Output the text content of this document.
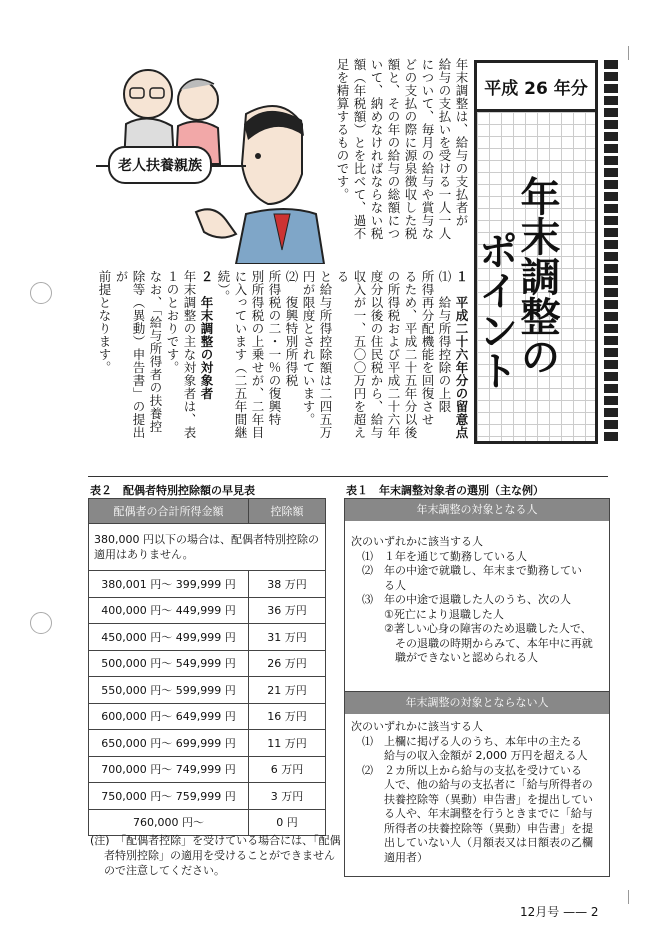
老人扶養親族
平成 26 年分
年末調整の
ポイント
年末調整は、給与の支払者が
給与の支払いを受ける一人一人
について、毎月の給与や賞与な
どの支払の際に源泉徴収した税
額と、その年の給与の総額につ
いて、納めなければならない税
額（年税額）とを比べて、過不
足を精算するものです。
１　平成二十六年分の留意点
⑴　給与所得控除の上限
所得再分配機能を回復させ
るため、平成二十五年分以後
の所得税および平成二十六年
度分以後の住民税から、給与
収入が一、五〇〇万円を超える
と給与所得控除額は二四五万
円が限度とされています。
⑵　復興特別所得税
所得税の二・一％の復興特
別所得税の上乗せが、二年目
に入っています（二五年間継
続）。
２　年末調整の対象者
年末調整の主な対象者は、表
１のとおりです。
なお、「給与所得者の扶養控
除等（異動）申告書」の提出が
前提となります。
表２　配偶者特別控除額の早見表
配偶者の合計所得金額	控除額
380,000 円以下の場合は、配偶者特別控除の適用はありません。	
380,001 円〜 399,999 円	38 万円
400,000 円〜 449,999 円	36 万円
450,000 円〜 499,999 円	31 万円
500,000 円〜 549,999 円	26 万円
550,000 円〜 599,999 円	21 万円
600,000 円〜 649,999 円	16 万円
650,000 円〜 699,999 円	11 万円
700,000 円〜 749,999 円	6 万円
750,000 円〜 759,999 円	3 万円
760,000 円〜	0 円
(注)　「配偶者控除」を受けている場合には、「配偶
者特別控除」の適用を受けることができません
ので注意してください。
表１　年末調整対象者の選別（主な例）
年末調整の対象となる人
次のいずれかに該当する人
　⑴　１年を通じて勤務している人
　⑵　年の中途で就職し、年末まで勤務してい
　　　る人
　⑶　年の中途で退職した人のうち、次の人
　　　①死亡により退職した人
　　　②著しい心身の障害のため退職した人で、
　　　　その退職の時期からみて、本年中に再就
　　　　職ができないと認められる人
年末調整の対象とならない人
次のいずれかに該当する人
　⑴　上欄に掲げる人のうち、本年中の主たる
　　　給与の収入金額が 2,000 万円を超える人
　⑵　２カ所以上から給与の支払を受けている
　　　人で、他の給与の支払者に「給与所得者の
　　　扶養控除等（異動）申告書」を提出してい
　　　る人や、年末調整を行うときまでに「給与
　　　所得者の扶養控除等（異動）申告書」を提
　　　出していない人（月額表又は日額表の乙欄
　　　適用者）
12月号 —— 2
